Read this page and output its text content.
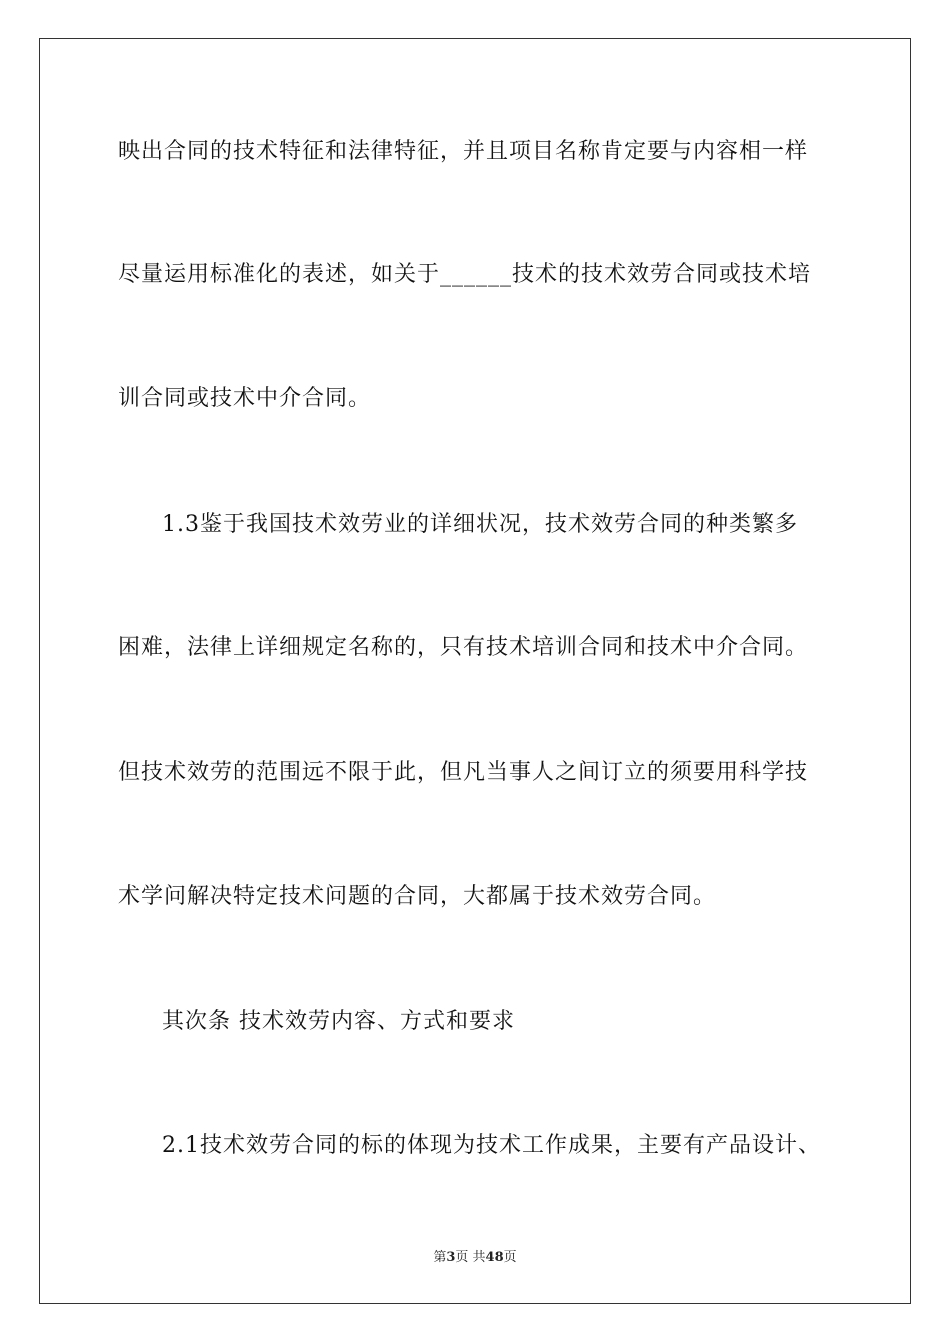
映出合同的技术特征和法律特征，并且项目名称肯定要与内容相一样
尽量运用标准化的表述，如关于______技术的技术效劳合同或技术培
训合同或技术中介合同。
1.3鉴于我国技术效劳业的详细状况，技术效劳合同的种类繁多
困难，法律上详细规定名称的，只有技术培训合同和技术中介合同。
但技术效劳的范围远不限于此，但凡当事人之间订立的须要用科学技
术学问解决特定技术问题的合同，大都属于技术效劳合同。
其次条 技术效劳内容、方式和要求
2.1技术效劳合同的标的体现为技术工作成果，主要有产品设计、
第3页 共48页
